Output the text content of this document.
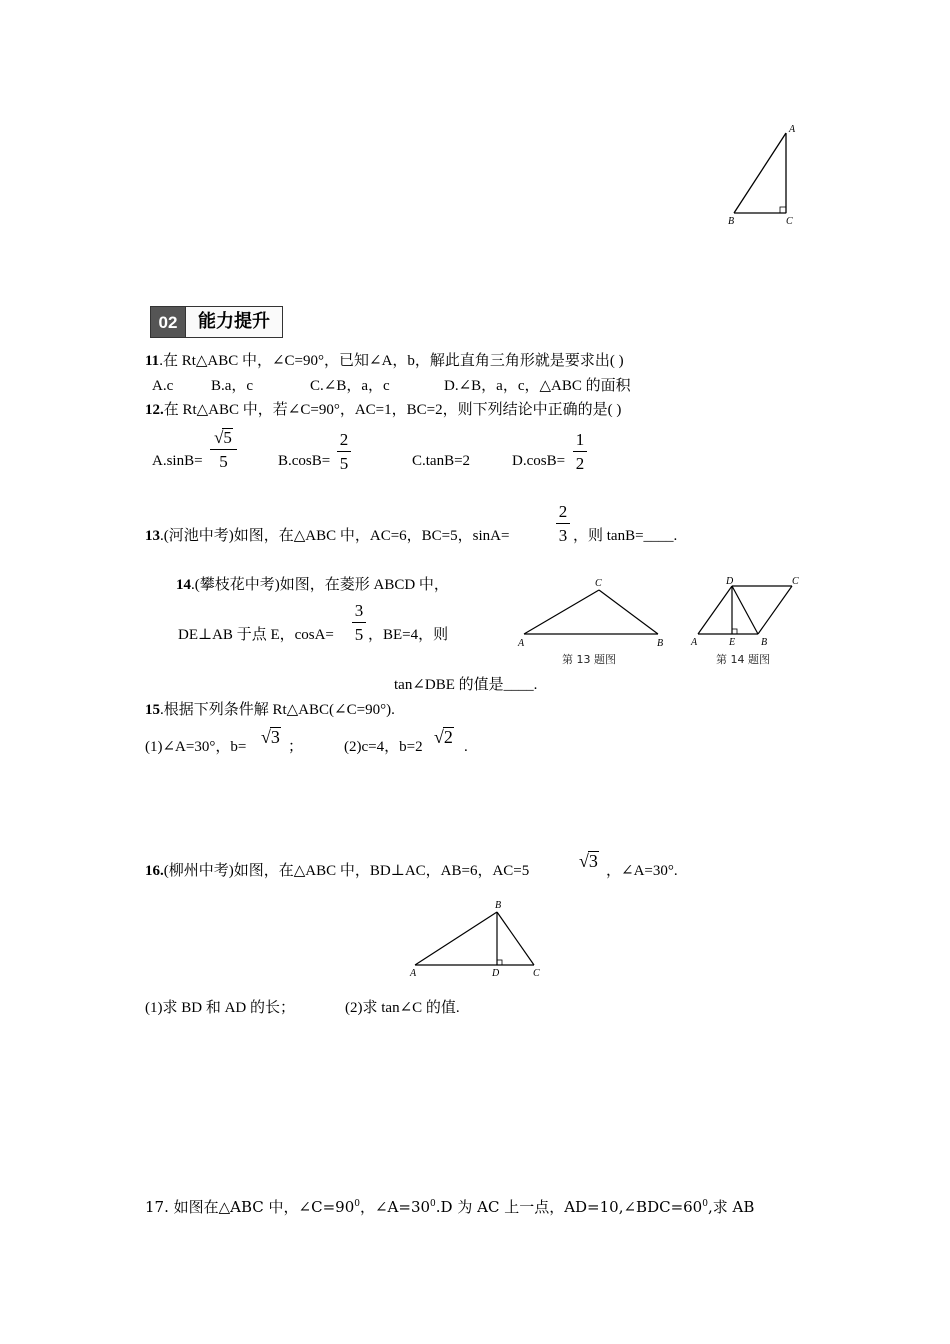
A
B	C
02	能力提升
11.在 Rt△ABC 中，∠C=90°，已知∠A，b，解此直角三角形就是要求出( )
A.c	B.a，c	C.∠B，a，c	D.∠B，a，c，△ABC 的面积
12.在 Rt△ABC 中，若∠C=90°，AC=1，BC=2，则下列结论中正确的是( )
A.sinB=
√5
5	B.cosB=
2
5	C.tanB=2	D.cosB=
1
2
13.(河池中考)如图，在△ABC 中，AC=6，BC=5，sinA=
2
3 ，则 tanB=____.
14.(攀枝花中考)如图，在菱形 ABCD 中，
DE⊥AB 于点 E，cosA=
3
5 ，BE=4，则
tan∠DBE 的值是____.
A	B
C
第 13 题图
D	C
A	E	B
第 14 题图
15.根据下列条件解 Rt△ABC(∠C=90°).
(1)∠A=30°，b= √3 ；	(2)c=4，b=2 √2 .
16.(柳州中考)如图，在△ABC 中，BD⊥AC，AB=6，AC=5	√3 ，∠A=30°.
B
A	D	C
(1)求 BD 和 AD 的长；	(2)求 tan∠C 的值.
17. 如图在△ABC 中，$\angle C=90^0$，$\angle A=30^0.D$ 为 AC 上一点，$AD=10,\angle BDC=60^0$,求 AB
